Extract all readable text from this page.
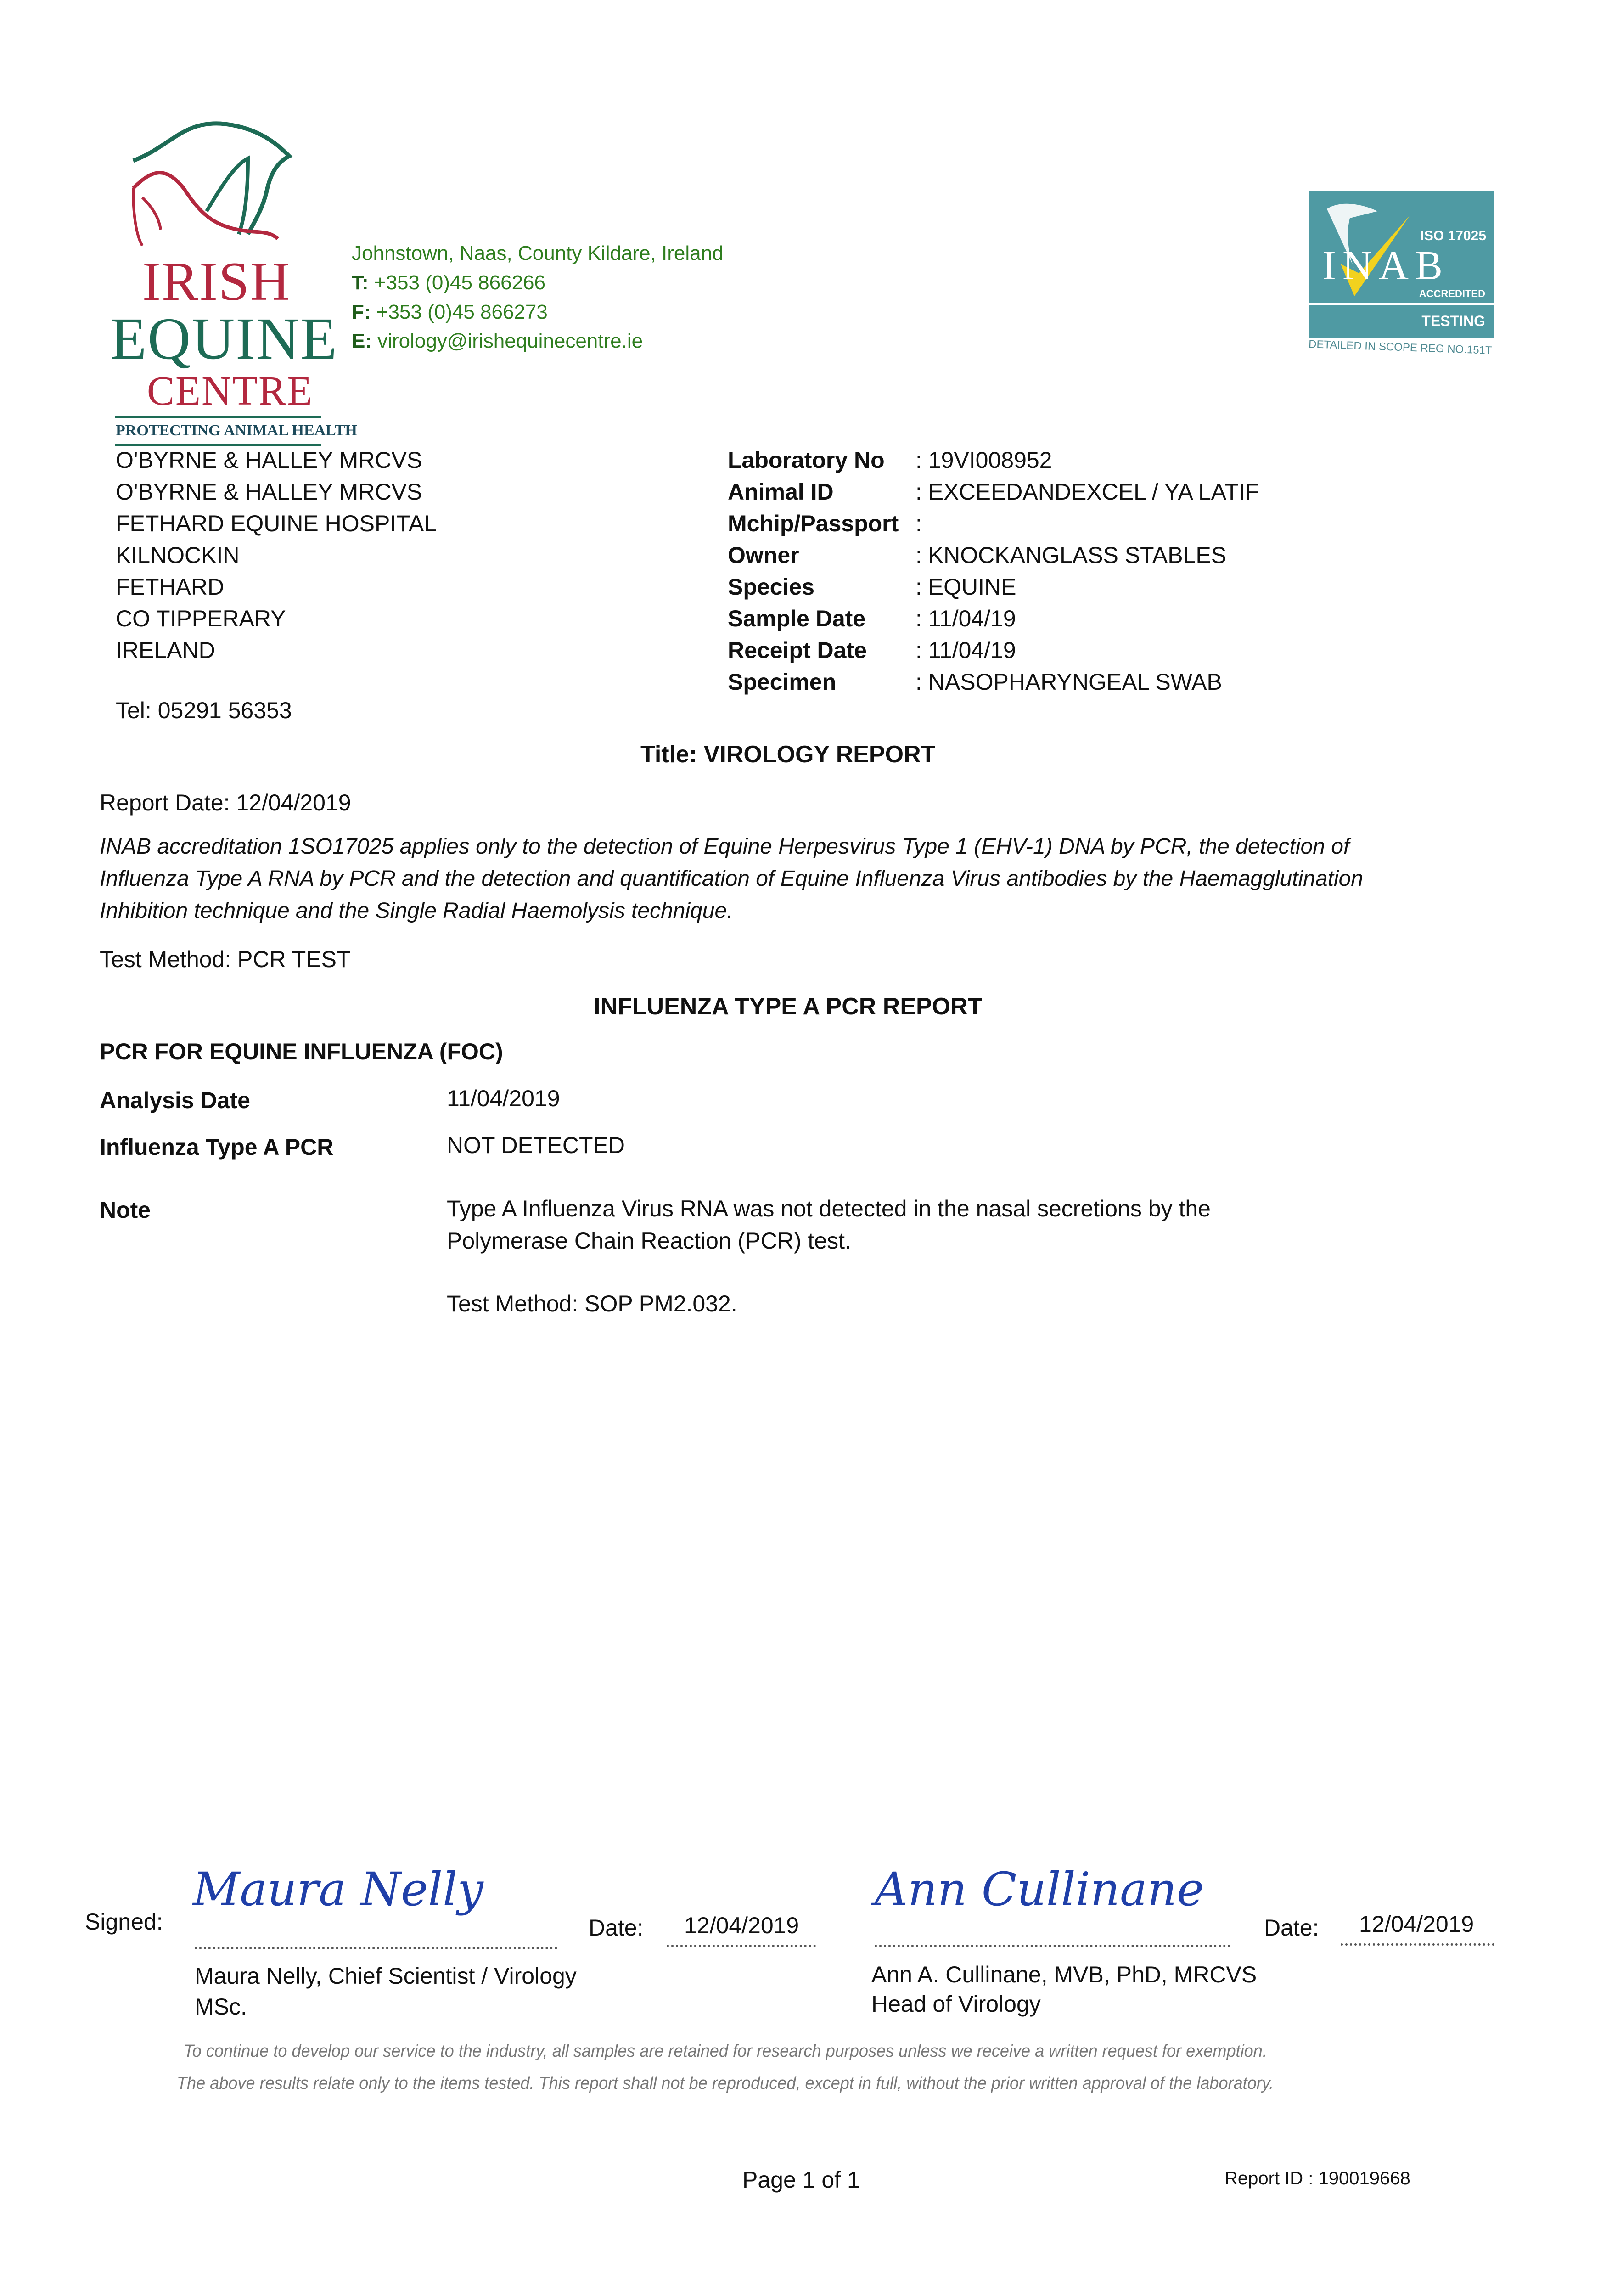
IRISH
EQUINE
CENTRE
PROTECTING ANIMAL HEALTH
Johnstown, Naas, County Kildare, Ireland
T: +353 (0)45 866266
F: +353 (0)45 866273
E: virology@irishequinecentre.ie
ISO 17025
INAB
ACCREDITED
TESTING
DETAILED IN SCOPE REG NO.151T
O'BYRNE & HALLEY MRCVS
O'BYRNE & HALLEY MRCVS
FETHARD EQUINE HOSPITAL
KILNOCKIN
FETHARD
CO TIPPERARY
IRELAND
Tel: 05291 56353
Laboratory No : 19VI008952
Animal ID	: EXCEEDANDEXCEL / YA LATIF
Mchip/Passport :
Owner	: KNOCKANGLASS STABLES
Species	: EQUINE
Sample Date : 11/04/19
Receipt Date : 11/04/19
Specimen	: NASOPHARYNGEAL SWAB
Title: VIROLOGY REPORT
Report Date: 12/04/2019
INAB accreditation 1SO17025 applies only to the detection of Equine Herpesvirus Type 1 (EHV-1) DNA by PCR, the detection of Influenza Type A RNA by PCR and the detection and quantification of Equine Influenza Virus antibodies by the Haemagglutination Inhibition technique and the Single Radial Haemolysis technique.
Test Method: PCR TEST
INFLUENZA TYPE A PCR REPORT
PCR FOR EQUINE INFLUENZA (FOC)
Analysis Date	11/04/2019
Influenza Type A PCR	NOT DETECTED
Note	Type A Influenza Virus RNA was not detected in the nasal secretions by the
Polymerase Chain Reaction (PCR) test.
Test Method: SOP PM2.032.
Signed:
Maura Nelly
Date: 12/04/2019
Maura Nelly, Chief Scientist / Virology
MSc.
Ann Cullinane
Date: 12/04/2019
Ann A. Cullinane, MVB, PhD, MRCVS
Head of Virology
To continue to develop our service to the industry, all samples are retained for research purposes unless we receive a written request for exemption.
The above results relate only to the items tested. This report shall not be reproduced, except in full, without the prior written approval of the laboratory.
Page 1 of 1	Report ID : 190019668
